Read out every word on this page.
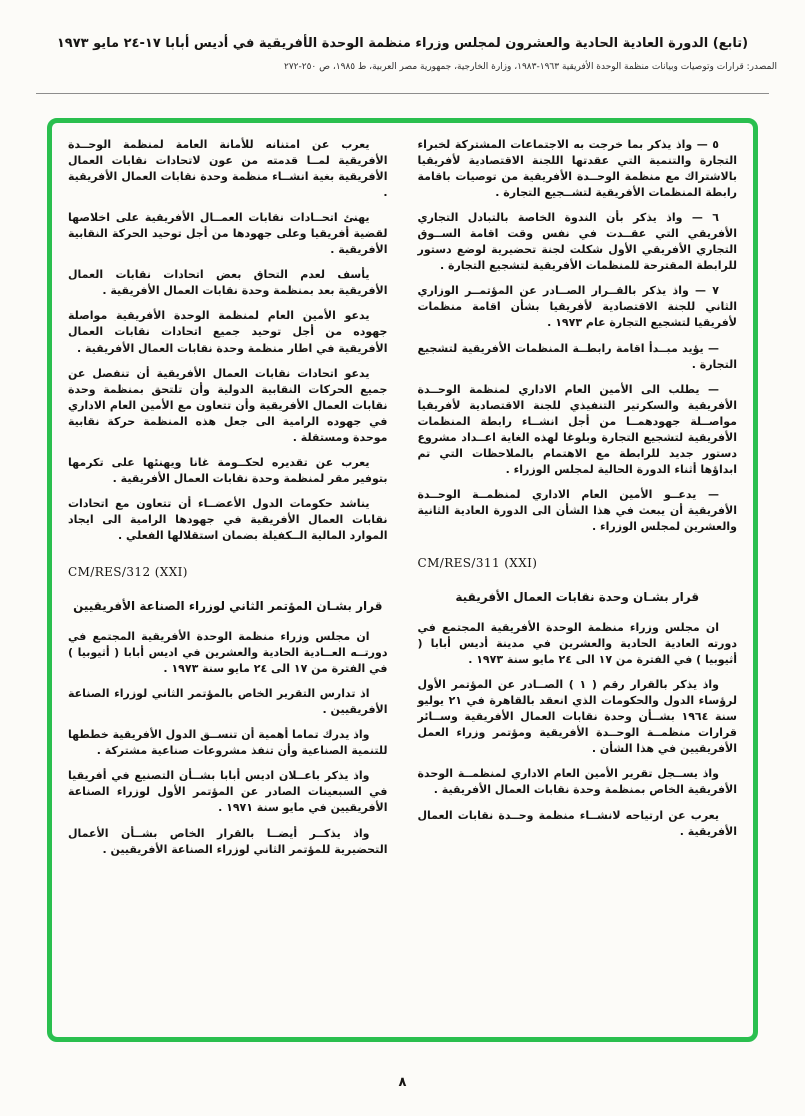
(تابع) الدورة العادية الحادية والعشرون لمجلس وزراء منظمة الوحدة الأفريقية في أديس أبابا ١٧-٢٤ مايو ١٩٧٣
المصدر: قرارات وتوصيات وبيانات منظمة الوحدة الأفريقية ١٩٦٣-١٩٨٣، وزارة الخارجية، جمهورية مصر العربية، ط ١٩٨٥، ص ٢٥٠-٢٧٢

٥ — واذ يذكر بما خرجت به الاجتماعات المشتركة لخبراء التجارة والتنمية التي عقدتها اللجنة الاقتصادية لأفريقيا بالاشتراك مع منظمة الوحــدة الأفريقية من توصيات باقامة رابطة المنظمات الأفريقية لتشــجيع التجارة .

٦ — واذ يذكر بأن الندوة الخاصة بالتبادل التجاري الأفريقي التي عقــدت في نفس وقت اقامة الســوق التجاري الأفريقي الأول شكلت لجنة تحضيرية لوضع دستور للرابطة المقترحة للمنظمات الأفريقية لتشجيع التجارة .

٧ — واذ يذكر بالقــرار الصــادر عن المؤتمــر الوزاري الثاني للجنة الاقتصادية لأفريقيا بشأن اقامة منظمات لأفريقيا لتشجيع التجارة عام ١٩٧٣ .

— يؤيد مبــدأ اقامة رابطــة المنظمات الأفريقية لتشجيع التجارة .

— يطلب الى الأمين العام الاداري لمنظمة الوحــدة الأفريقية والسكرتير التنفيذي للجنة الاقتصادية لأفريقيا مواصــلة جهودهمــا من أجل انشــاء رابطة المنظمات الأفريقية لتشجيع التجارة وبلوغا لهذه الغاية اعــداد مشروع دستور جديد للرابطة مع الاهتمام بالملاحظات التي تم ابداؤها أثناء الدورة الحالية لمجلس الوزراء .

— يدعــو الأمين العام الاداري لمنظمــة الوحــدة الأفريقية أن يبعث في هذا الشأن الى الدورة العادية الثانية والعشرين لمجلس الوزراء .

CM/RES/311 (XXI)
قرار بشـان وحدة نقابات العمال الأفريقية

ان مجلس وزراء منظمة الوحدة الأفريقية المجتمع في دورته العادية الحادية والعشرين في مدينة أديس أبابا ( أثيوبيا ) في الفترة من ١٧ الى ٢٤ مايو سنة ١٩٧٣ .

واذ يذكر بالقرار رقم ( ١ ) الصــادر عن المؤتمر الأول لرؤساء الدول والحكومات الذي انعقد بالقاهرة في ٢١ يوليو سنة ١٩٦٤ بشــأن وحدة نقابات العمال الأفريقية وســائر قرارات منظمــة الوحــدة الأفريقية ومؤتمر وزراء العمل الأفريقيين في هذا الشأن .

واذ يســجل تقرير الأمين العام الاداري لمنظمــة الوحدة الأفريقية الخاص بمنظمة وحدة نقابات العمال الأفريقية .

يعرب عن ارتياحه لانشــاء منظمة وحــدة نقابات العمال الأفريقية .

يعرب عن امتنانه للأمانة العامة لمنظمة الوحــدة الأفريقية لمــا قدمته من عون لاتحادات نقابات العمال الأفريقية بغية انشــاء منظمة وحدة نقابات العمال الأفريقية .

يهنئ اتحــادات نقابات العمــال الأفريقية على اخلاصها لقضية أفريقيا وعلى جهودها من أجل توحيد الحركة النقابية الأفريقية .

يأسف لعدم التحاق بعض اتحادات نقابات العمال الأفريقية بعد بمنظمة وحدة نقابات العمال الأفريقية .

يدعو الأمين العام لمنظمة الوحدة الأفريقية مواصلة جهوده من أجل توحيد جميع اتحادات نقابات العمال الأفريقية في اطار منظمة وحدة نقابات العمال الأفريقية .

يدعو اتحادات نقابات العمال الأفريقية أن تنفصل عن جميع الحركات النقابية الدولية وأن تلتحق بمنظمة وحدة نقابات العمال الأفريقية وأن تتعاون مع الأمين العام الاداري في جهوده الرامية الى جعل هذه المنظمة حركة نقابية موحدة ومستقلة .

يعرب عن تقديره لحكــومة غانا ويهنئها على تكرمها بتوفير مقر لمنظمة وحدة نقابات العمال الأفريقية .

يناشد حكومات الدول الأعضــاء أن تتعاون مع اتحادات نقابات العمال الأفريقية في جهودها الرامية الى ايجاد الموارد المالية الــكفيلة بضمان استقلالها الفعلي .

CM/RES/312 (XXI)
قرار بشـان المؤتمر الثاني لوزراء الصناعة الأفريقيين

ان مجلس وزراء منظمة الوحدة الأفريقية المجتمع في دورتــه العــادية الحادية والعشرين في اديس أبابا ( أثيوبيا ) في الفترة من ١٧ الى ٢٤ مايو سنة ١٩٧٣ .

اذ تدارس التقرير الخاص بالمؤتمر الثاني لوزراء الصناعة الأفريقيين .

واذ يدرك تماما أهمية أن تنســق الدول الأفريقية خططها للتنمية الصناعية وأن تنفذ مشروعات صناعية مشتركة .

واذ يذكر باعــلان اديس أبابا بشــأن التصنيع في أفريقيا في السبعينات الصادر عن المؤتمر الأول لوزراء الصناعة الأفريقيين في مايو سنة ١٩٧١ .

واذ يذكــر أيضــا بالقرار الخاص بشــأن الأعمال التحضيرية للمؤتمر الثاني لوزراء الصناعة الأفريقيين .

٨
